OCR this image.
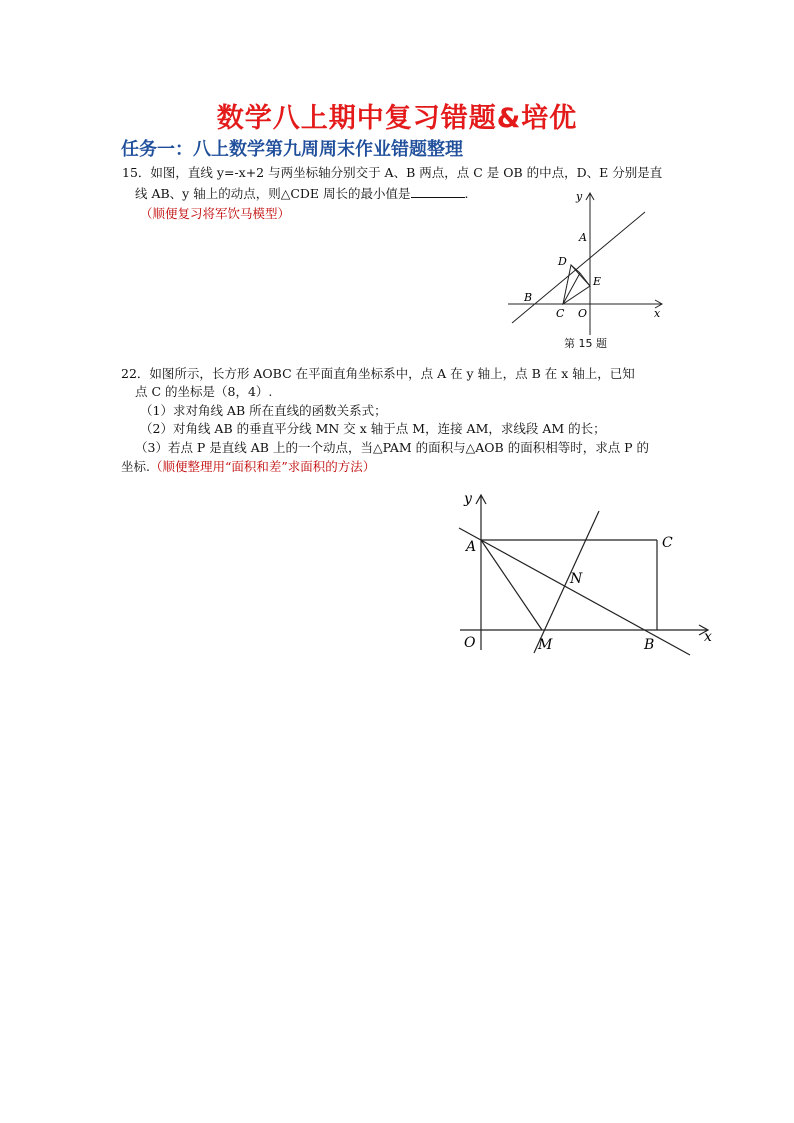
数学八上期中复习错题&培优
任务一：八上数学第九周周末作业错题整理
15．如图，直线 y=-x+2 与两坐标轴分别交于 A、B 两点，点 C 是 OB 的中点，D、E 分别是直
线 AB、y 轴上的动点，则△CDE 周长的最小值是	.
（顺便复习将军饮马模型）
y
x
A
B
C
D
E
O
第 15 题
22．如图所示，长方形 AOBC 在平面直角坐标系中，点 A 在 y 轴上，点 B 在 x 轴上，已知
点 C 的坐标是（8，4）.
（1）求对角线 AB 所在直线的函数关系式；
（2）对角线 AB 的垂直平分线 MN 交 x 轴于点 M，连接 AM，求线段 AM 的长；
（3）若点 P 是直线 AB 上的一个动点，当△PAM 的面积与△AOB 的面积相等时，求点 P 的
坐标.（顺便整理用“面积和差”求面积的方法）
y
x
A	C
N
O	M	B
